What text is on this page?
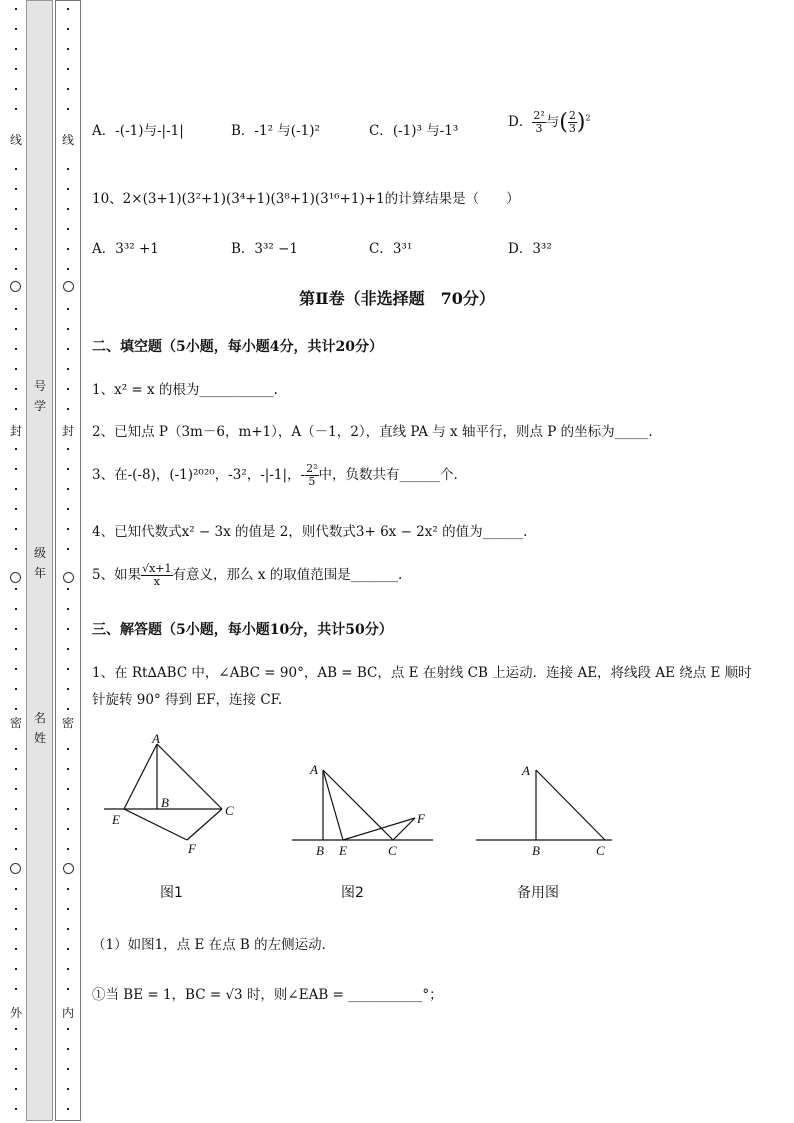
线
封
密
外
线
封
密
内
号学
级年
名姓
A．-(-1)与-|-1|	B．-1² 与(-1)²	C．(-1)³ 与-1³
D． $\frac{\text{2²}}{3}$ 与( $\frac{2}{3} )^2$
10、2×(3+1)(3²+1)(3⁴+1)(3⁸+1)(3¹⁶+1)+1的计算结果是（　　）
A．3³² +1	B．3³² −1	C．3³¹	D．3³²
第Ⅱ卷（非选择题　70分）
二、填空题（5小题，每小题4分，共计20分）
1、x² = x 的根为___________.
2、已知点 P（3m－6，m+1），A（－1，2），直线 PA 与 x 轴平行，则点 P 的坐标为_____.
3、在-(-8)，(-1)²⁰²⁰，-3²，-|-1|，- $\frac{\text{2²}}{5}$ 中，负数共有______个.
4、已知代数式x² − 3x 的值是 2，则代数式3+ 6x − 2x² 的值为______.
5、如果 $\frac{√x+1}{x}$ 有意义，那么 x 的取值范围是_______.
三、解答题（5小题，每小题10分，共计50分）
1、在 Rt∆ABC 中，∠ABC = 90°，AB = BC，点 E 在射线 CB 上运动．连接 AE，将线段 AE 绕点 E 顺时
针旋转 90° 得到 EF，连接 CF.
（1）如图1，点 E 在点 B 的左侧运动．
①当 BE = 1，BC = √3 时，则∠EAB = ___________°；
A
B
C
E
F
图1
A
B E	C
F
图2
A
B	C
备用图
